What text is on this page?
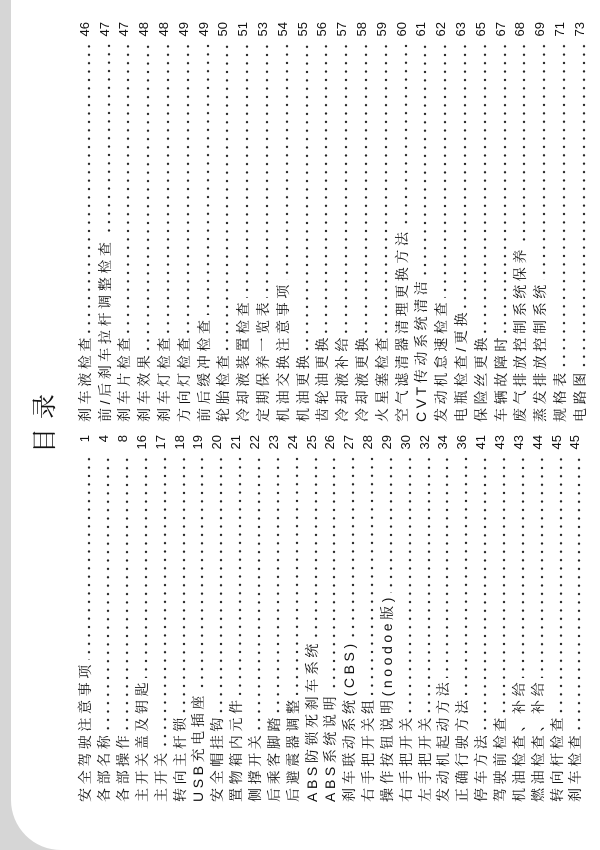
目录
安全驾驶注意事项
1
各部名称
4
各部操作
8
主开关盖及钥匙
16
主开关
17
转向主杆锁
18
USB充电插座
19
安全帽挂钩
20
置物箱内元件
21
侧撑开关
22
后乘客脚踏
23
后避震器调整
24
ABS防锁死刹车系统
25
ABS系统说明
26
刹车联动系统(CBS)
27
右手把开关组
28
操作按钮说明(noodoe版)
29
右手把开关
30
左手把开关
32
发动机起动方法
34
正确行驶方法
36
停车方法
41
驾驶前检查
43
机油检查、补给
43
燃油检查、补给
44
转向杆检查
45
刹车检查
45
刹车液检查
46
前/后刹车拉杆调整检查
47
刹车片检查
47
刹车效果
48
刹车灯检查
48
方向灯检查
49
前后缓冲检查
49
轮胎检查
50
冷却液装置检查
51
定期保养一览表
53
机油交换注意事项
54
机油更换
55
齿轮油更换
56
冷却液补给
57
冷却液更换
58
火星塞检查
59
空气滤清器清理更换方法
60
CVT传动系统清洁
61
发动机怠速检查
62
电瓶检查/更换
63
保险丝更换
65
车辆故障时
67
废气排放控制系统保养
68
蒸发排放控制系统
69
规格表
71
电路图
73
